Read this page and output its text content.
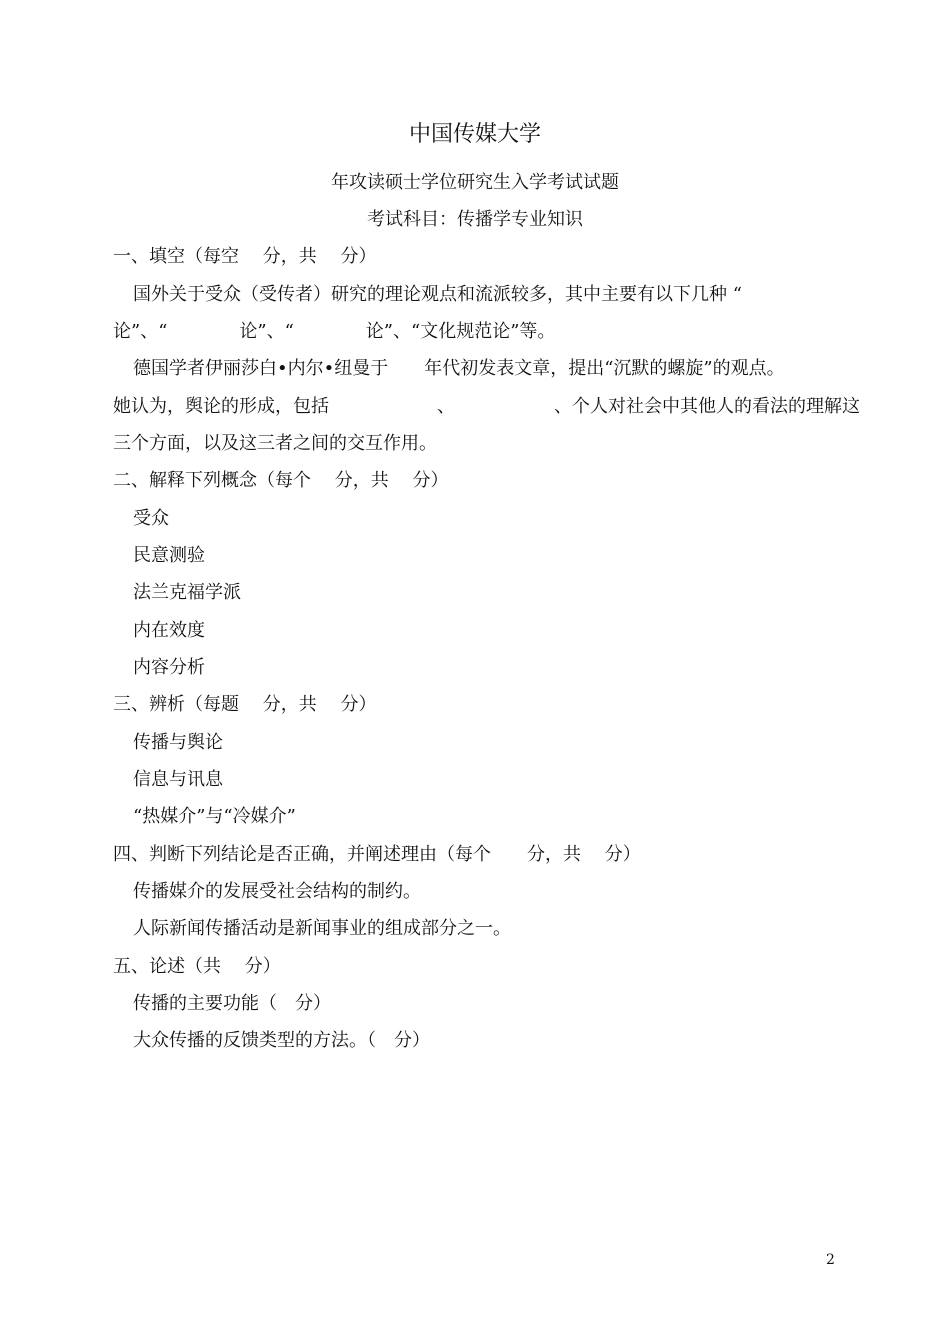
中国传媒大学
年攻读硕士学位研究生入学考试试题
考试科目：传播学专业知识
一、填空（每空　 分，共　 分）
国外关于受众（受传者）研究的理论观点和流派较多，其中主要有以下几种 “
论”、“　　　　论”、“　　　　论”、“文化规范论”等。
德国学者伊丽莎白•内尔•纽曼于　　年代初发表文章，提出“沉默的螺旋”的观点。
她认为，舆论的形成，包括　　　　　　、　　　　　　、个人对社会中其他人的看法的理解这
三个方面，以及这三者之间的交互作用。
二、解释下列概念（每个　 分，共　 分）
受众
民意测验
法兰克福学派
内在效度
内容分析
三、辨析（每题　 分，共　 分）
传播与舆论
信息与讯息
“热媒介”与“冷媒介”
四、判断下列结论是否正确，并阐述理由（每个　　分，共　 分）
传播媒介的发展受社会结构的制约。
人际新闻传播活动是新闻事业的组成部分之一。
五、论述（共　 分）
传播的主要功能（　分）
大众传播的反馈类型的方法。（　分）
2
